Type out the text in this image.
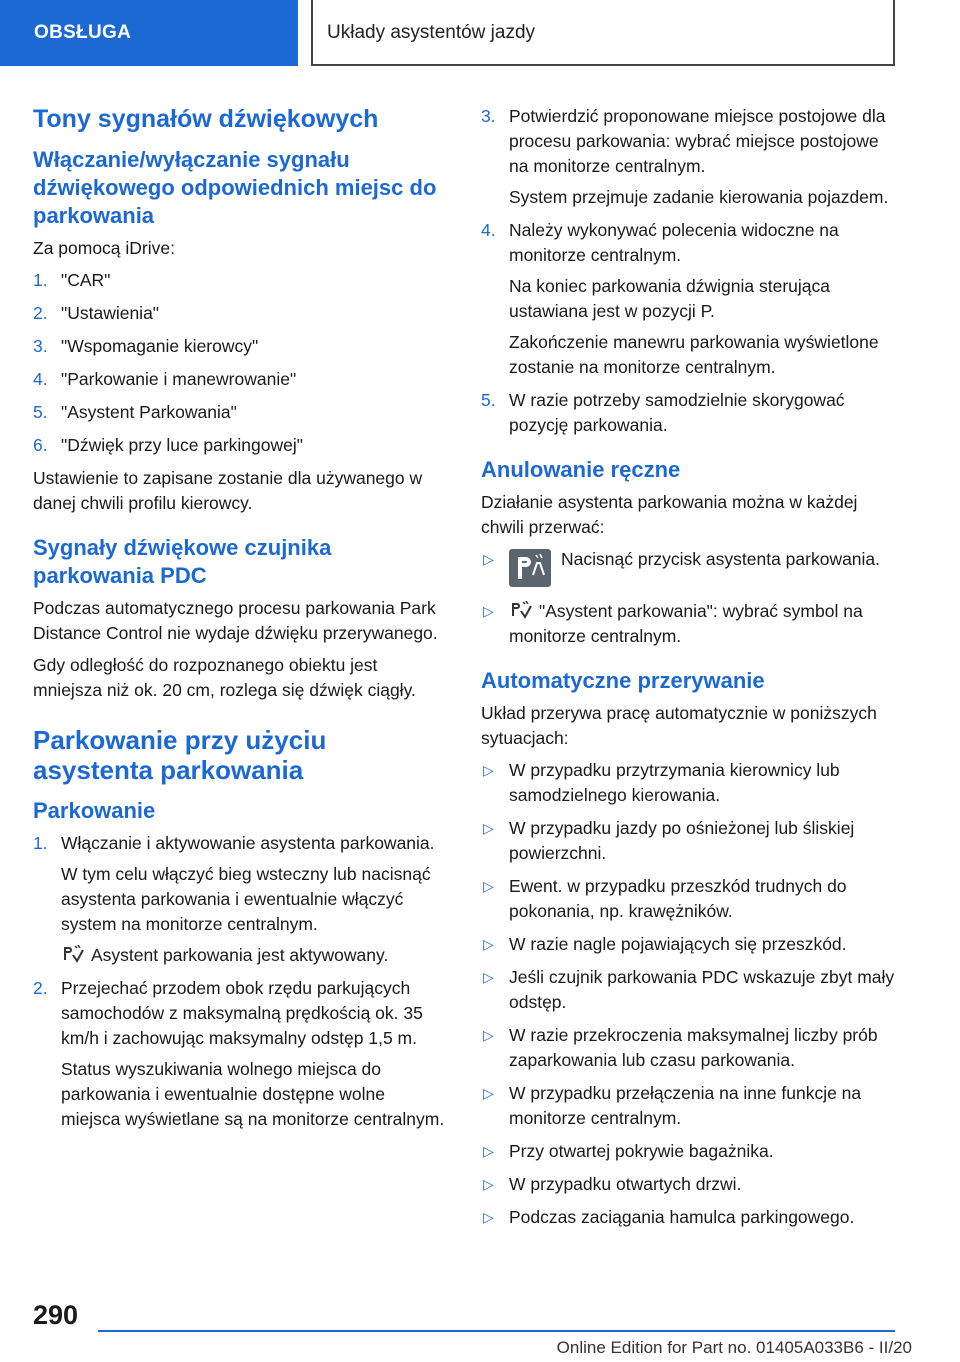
OBSŁUGA	Układy asystentów jazdy
Tony sygnałów dźwiękowych
Włączanie/wyłączanie sygnału dźwiękowego odpowiednich miejsc do parkowania

Za pomocą iDrive:

1. "CAR"
2. "Ustawienia"
3. "Wspomaganie kierowcy"
4. "Parkowanie i manewrowanie"
5. "Asystent Parkowania"
6. "Dźwięk przy luce parkingowej"

Ustawienie to zapisane zostanie dla używanego w danej chwili profilu kierowcy.

Sygnały dźwiękowe czujnika parkowania PDC

Podczas automatycznego procesu parkowania Park Distance Control nie wydaje dźwięku przerywanego.

Gdy odległość do rozpoznanego obiektu jest mniejsza niż ok. 20 cm, rozlega się dźwięk ciągły.

Parkowanie przy użyciu asystenta parkowania
Parkowanie
1. Włączanie i aktywowanie asystenta parkowania.

W tym celu włączyć bieg wsteczny lub nacisnąć asystenta parkowania i ewentualnie włączyć system na monitorze centralnym.

Asystent parkowania jest aktywowany.

2. Przejechać przodem obok rzędu parkujących samochodów z maksymalną prędkością ok. 35 km/h i zachowując maksymalny odstęp 1,5 m.

Status wyszukiwania wolnego miejsca do parkowania i ewentualnie dostępne wolne miejsca wyświetlane są na monitorze centralnym.

3. Potwierdzić proponowane miejsce postojowe dla procesu parkowania: wybrać miejsce postojowe na monitorze centralnym.

System przejmuje zadanie kierowania pojazdem.

4. Należy wykonywać polecenia widoczne na monitorze centralnym.

Na koniec parkowania dźwignia sterująca ustawiana jest w pozycji P.

Zakończenie manewru parkowania wyświetlone zostanie na monitorze centralnym.

5. W razie potrzeby samodzielnie skorygować pozycję parkowania.
Anulowanie ręczne

Działanie asystenta parkowania można w każdej chwili przerwać:

▷	Nacisnąć przycisk asystenta parkowania.
▷	"Asystent parkowania": wybrać symbol na monitorze centralnym.
Automatyczne przerywanie

Układ przerywa pracę automatycznie w poniższych sytuacjach:

▷ W przypadku przytrzymania kierownicy lub samodzielnego kierowania.
▷ W przypadku jazdy po ośnieżonej lub śliskiej powierzchni.
▷ Ewent. w przypadku przeszkód trudnych do pokonania, np. krawężników.
▷ W razie nagle pojawiających się przeszkód.
▷ Jeśli czujnik parkowania PDC wskazuje zbyt mały odstęp.
▷ W razie przekroczenia maksymalnej liczby prób zaparkowania lub czasu parkowania.
▷ W przypadku przełączenia na inne funkcje na monitorze centralnym.
▷ Przy otwartej pokrywie bagażnika.
▷ W przypadku otwartych drzwi.
▷ Podczas zaciągania hamulca parkingowego.
290
Online Edition for Part no. 01405A033B6 - II/20
